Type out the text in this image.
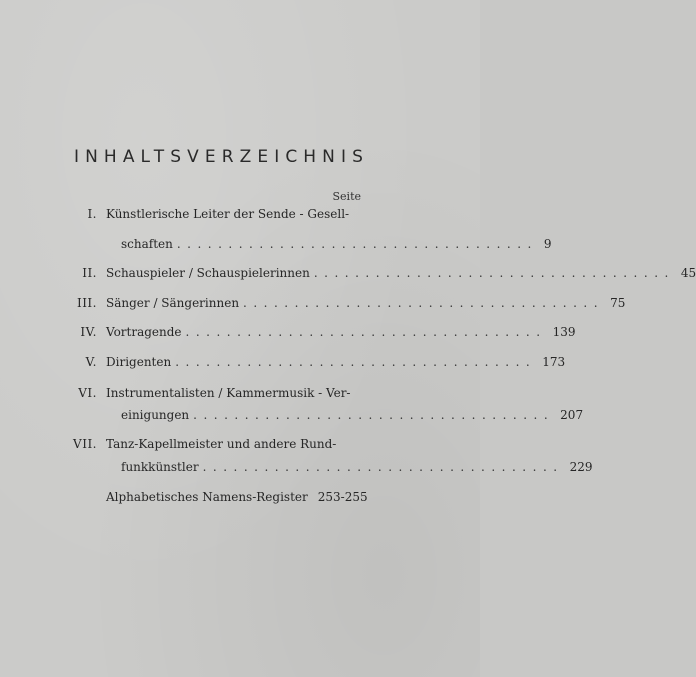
INHALTSVERZEICHNIS
Seite
I. Künstlerische Leiter der Sende - Gesell-
schaften ................................... 9
II. Schauspieler / Schauspielerinnen ................................... 45
III. Sänger / Sängerinnen ................................... 75
IV. Vortragende ................................... 139
V. Dirigenten ................................... 173
VI. Instrumentalisten / Kammermusik - Ver-
einigungen ................................... 207
VII. Tanz-Kapellmeister und andere Rund-
funkkünstler ................................... 229
Alphabetisches Namens-Register 253-255
